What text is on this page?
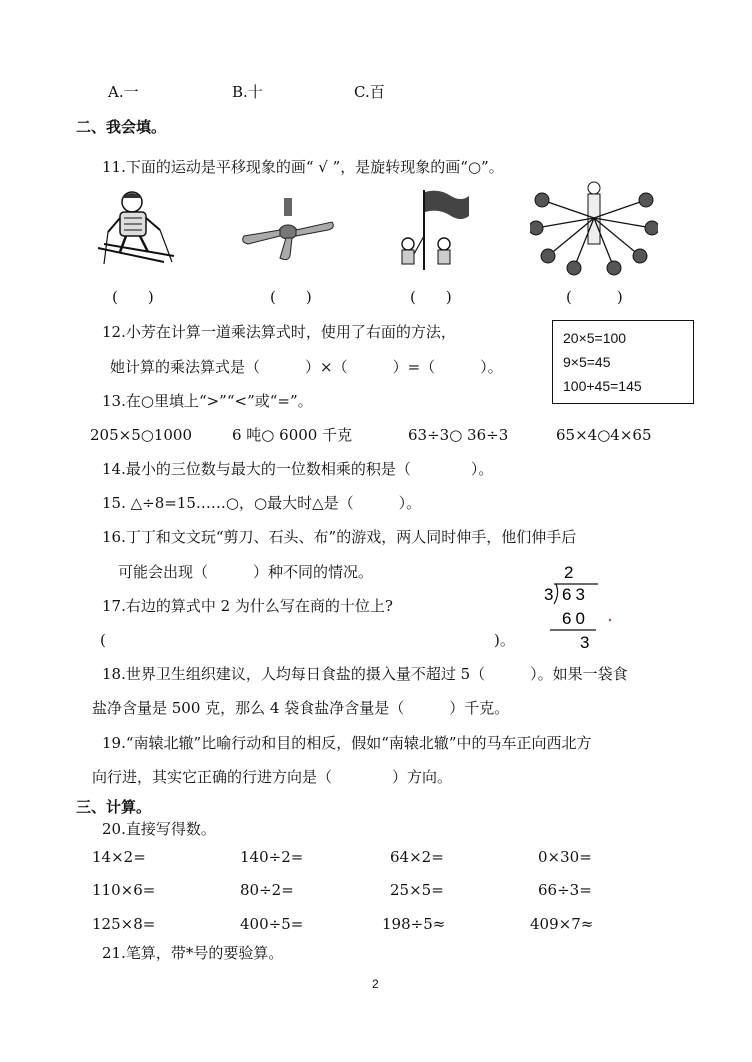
A.一	B.十	C.百
二、我会填。
11.下面的运动是平移现象的画“ √ ”，是旋转现象的画“○”。
(　　)	(　　)	(　　)	(　　　)
12.小芳在计算一道乘法算式时，使用了右面的方法，
她计算的乘法算式是（　　　）×（　　　）=（　　　）。
20×5=100
9×5=45
100+45=145
13.在○里填上“>”“<”或“=”。
205×5○1000	6 吨○ 6000 千克	63÷3○ 36÷3	65×4○4×65
14.最小的三位数与最大的一位数相乘的积是（　　　　）。
15. △÷8=15……○，○最大时△是（　　　）。
16.丁丁和文文玩“剪刀、石头、布”的游戏，两人同时伸手，他们伸手后
可能会出现（　　　）种不同的情况。
17.右边的算式中 2 为什么写在商的十位上?
(	)。
2
3 63
60
3
18.世界卫生组织建议，人均每日食盐的摄入量不超过 5（　　　）。如果一袋食
盐净含量是 500 克，那么 4 袋食盐净含量是（　　　）千克。
19.“南辕北辙”比喻行动和目的相反，假如“南辕北辙”中的马车正向西北方
向行进，其实它正确的行进方向是（　　　　）方向。
三、计算。
20.直接写得数。
14×2=	140÷2=	64×2=	0×30=
110×6=	80÷2=	25×5=	66÷3=
125×8=	400÷5=	198÷5≈	409×7≈
21.笔算，带*号的要验算。
2
